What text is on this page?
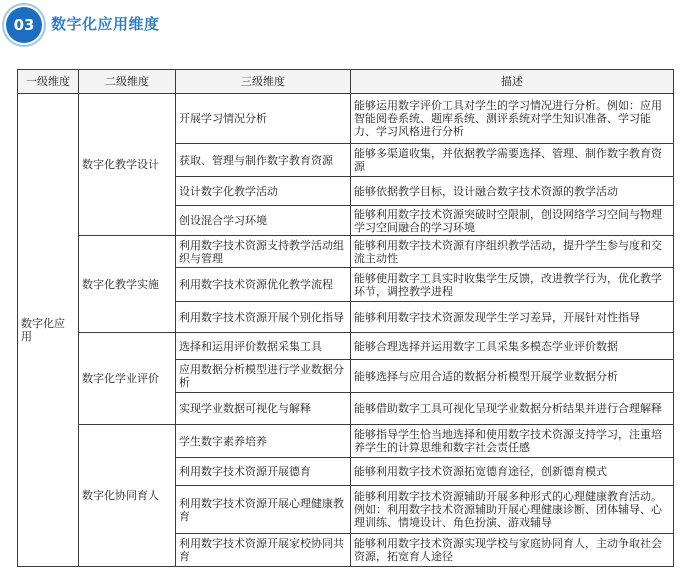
03	数字化应用维度
一级维度	二级维度	三级维度	描述
数字化应用	数字化教学设计	开展学习情况分析	能够运用数字评价工具对学生的学习情况进行分析。例如：应用智能阅卷系统、题库系统、测评系统对学生知识准备、学习能力、学习风格进行分析
		获取、管理与制作数字教育资源	能够多渠道收集，并依据教学需要选择、管理、制作数字教育资源
		设计数字化教学活动	能够依据教学目标，设计融合数字技术资源的教学活动
		创设混合学习环境	能够利用数字技术资源突破时空限制，创设网络学习空间与物理学习空间融合的学习环境
	数字化教学实施	利用数字技术资源支持教学活动组织与管理	能够利用数字技术资源有序组织教学活动，提升学生参与度和交流主动性
		利用数字技术资源优化教学流程	能够使用数字工具实时收集学生反馈，改进教学行为，优化教学环节，调控教学进程
		利用数字技术资源开展个别化指导	能够利用数字技术资源发现学生学习差异，开展针对性指导
	数字化学业评价	选择和运用评价数据采集工具	能够合理选择并运用数字工具采集多模态学业评价数据
		应用数据分析模型进行学业数据分析	能够选择与应用合适的数据分析模型开展学业数据分析
		实现学业数据可视化与解释	能够借助数字工具可视化呈现学业数据分析结果并进行合理解释
	数字化协同育人	学生数字素养培养	能够指导学生恰当地选择和使用数字技术资源支持学习，注重培养学生的计算思维和数字社会责任感
		利用数字技术资源开展德育	能够利用数字技术资源拓宽德育途径，创新德育模式
		利用数字技术资源开展心理健康教育	能够利用数字技术资源辅助开展多种形式的心理健康教育活动。例如：利用数字技术资源辅助开展心理健康诊断、团体辅导、心理训练、情境设计、角色扮演、游戏辅导
		利用数字技术资源开展家校协同共育	能够利用数字技术资源实现学校与家庭协同育人，主动争取社会资源，拓宽育人途径
